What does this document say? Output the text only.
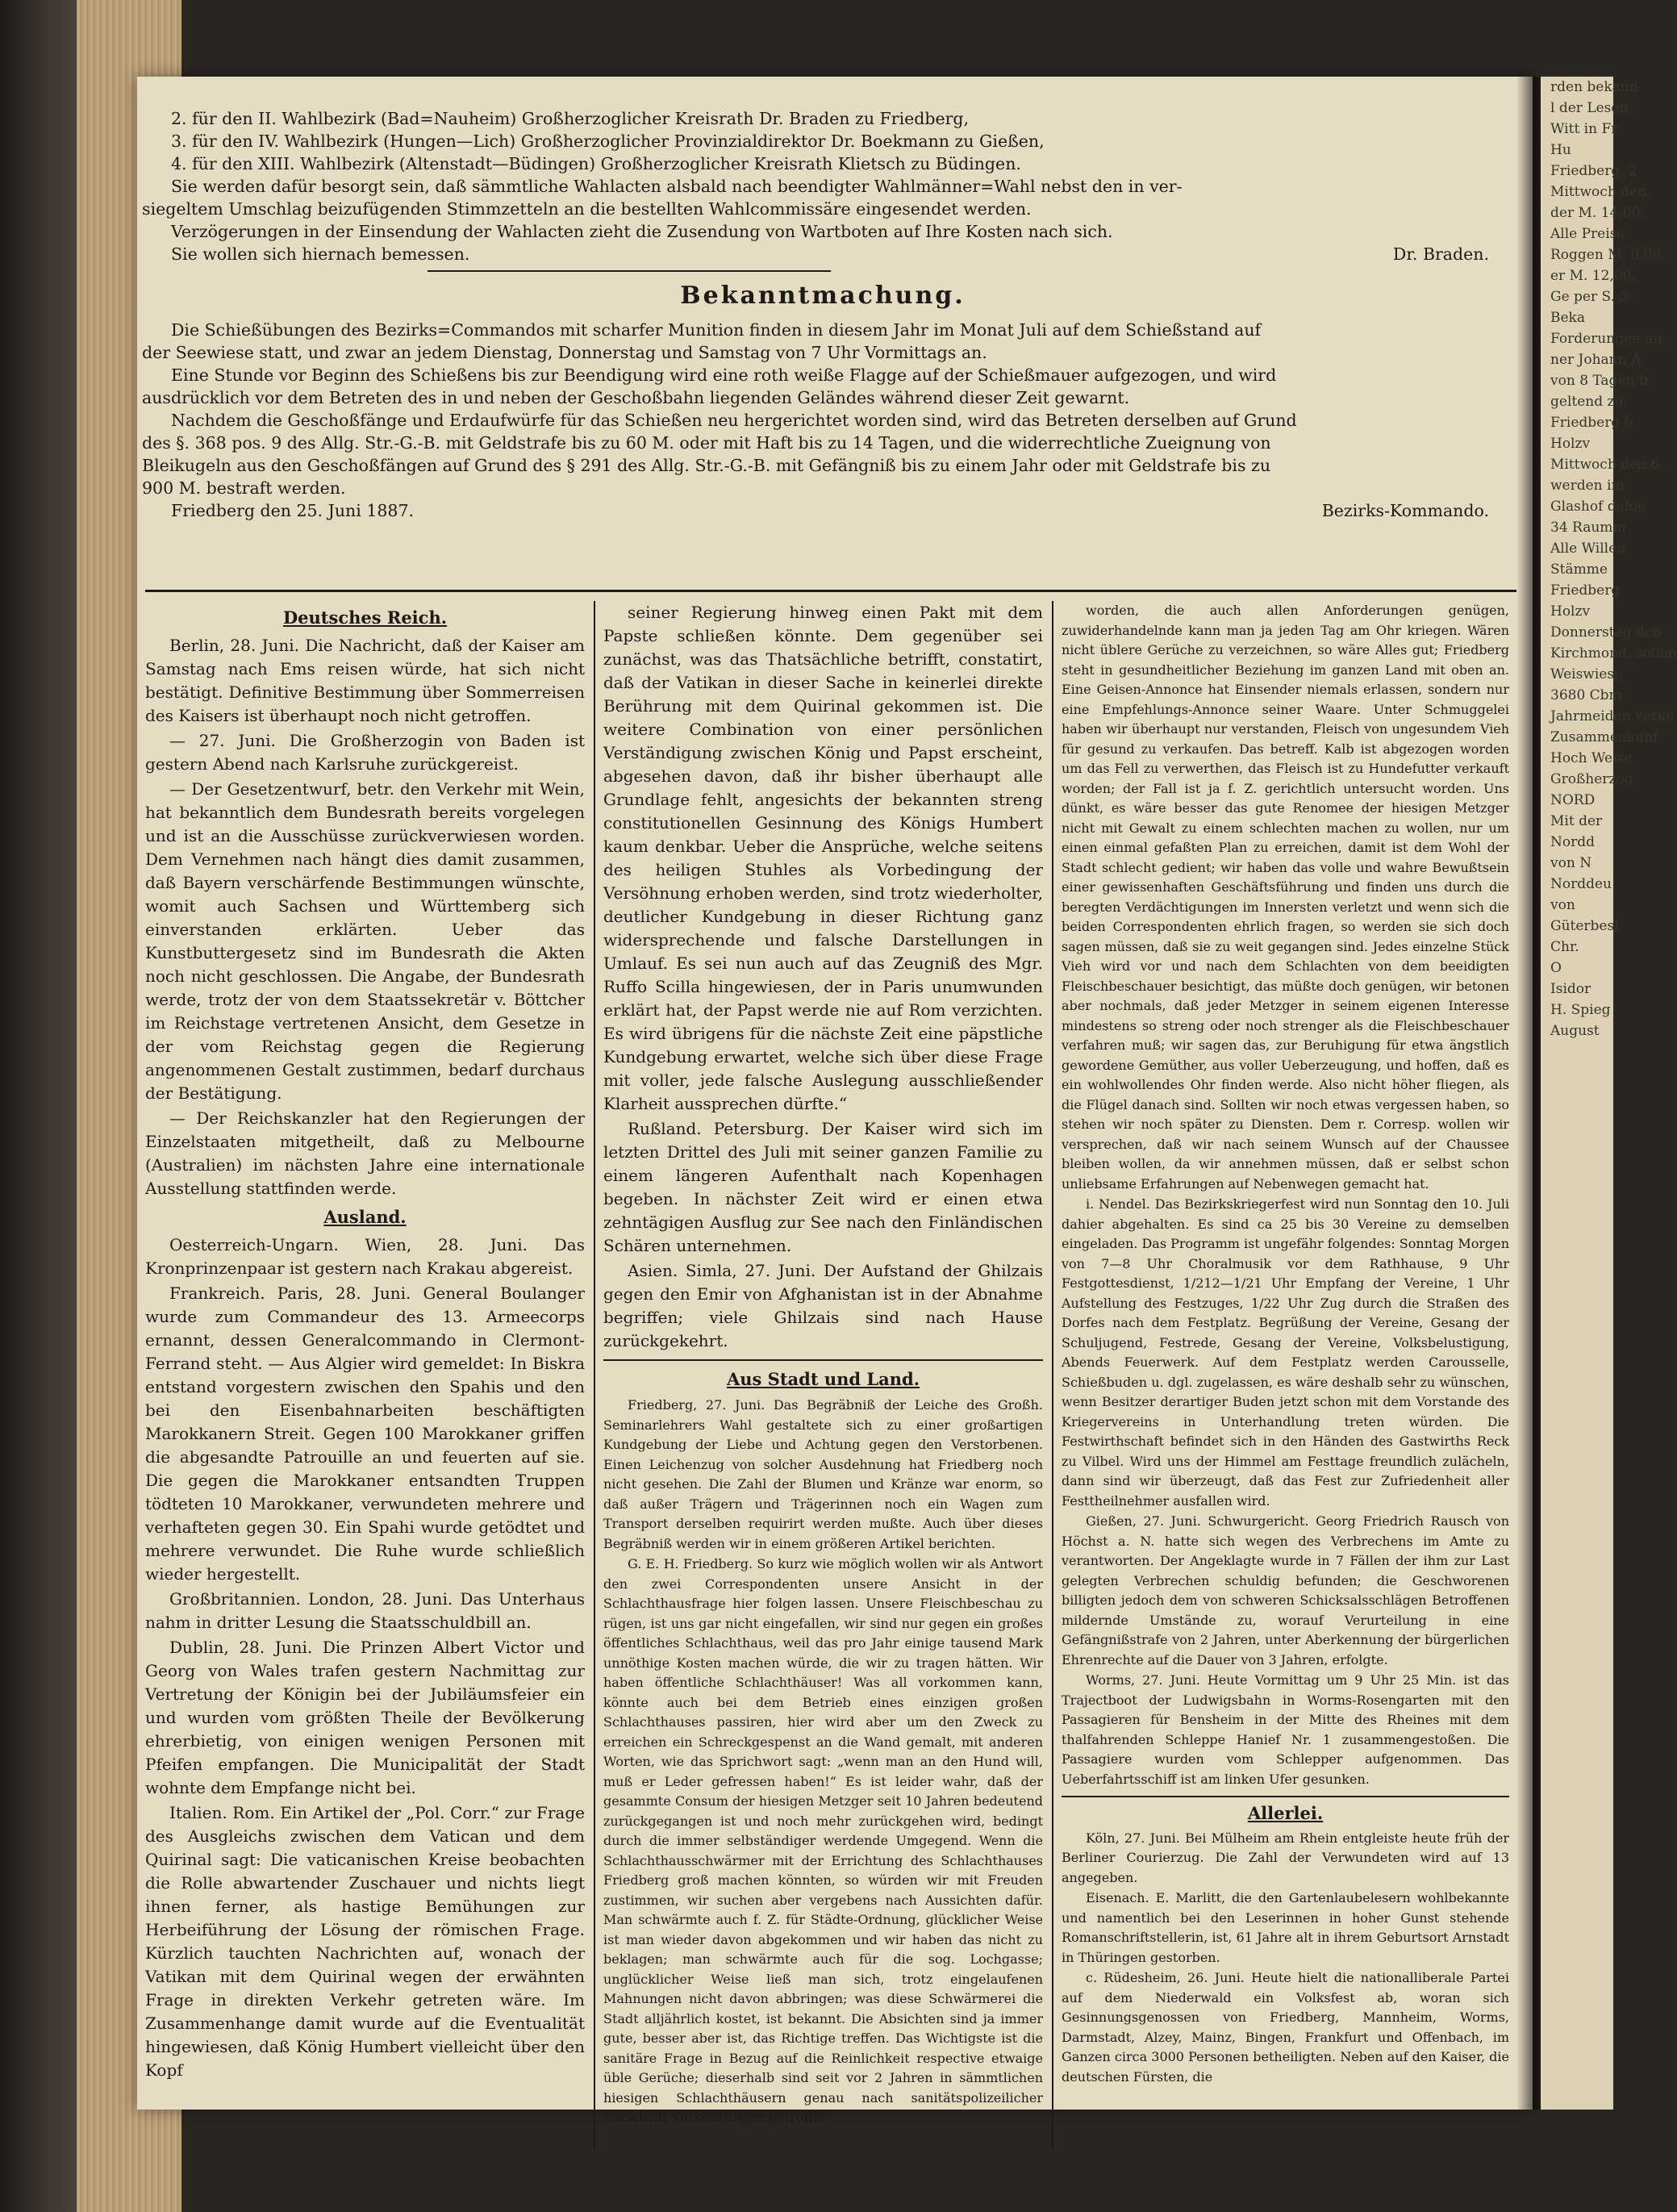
2. für den II. Wahlbezirk (Bad=Nauheim) Großherzoglicher Kreisrath Dr. Braden zu Friedberg,

3. für den IV. Wahlbezirk (Hungen—Lich) Großherzoglicher Provinzialdirektor Dr. Boekmann zu Gießen,

4. für den XIII. Wahlbezirk (Altenstadt—Büdingen) Großherzoglicher Kreisrath Klietsch zu Büdingen.

Sie werden dafür besorgt sein, daß sämmtliche Wahlacten alsbald nach beendigter Wahlmänner=Wahl nebst den in ver-

siegeltem Umschlag beizufügenden Stimmzetteln an die bestellten Wahlcommissäre eingesendet werden.

Verzögerungen in der Einsendung der Wahlacten zieht die Zusendung von Wartboten auf Ihre Kosten nach sich.

Sie wollen sich hiernach bemessen.	Dr. Braden.

Bekanntmachung.

Die Schießübungen des Bezirks=Commandos mit scharfer Munition finden in diesem Jahr im Monat Juli auf dem Schießstand auf

der Seewiese statt, und zwar an jedem Dienstag, Donnerstag und Samstag von 7 Uhr Vormittags an.

Eine Stunde vor Beginn des Schießens bis zur Beendigung wird eine roth weiße Flagge auf der Schießmauer aufgezogen, und wird

ausdrücklich vor dem Betreten des in und neben der Geschoßbahn liegenden Geländes während dieser Zeit gewarnt.

Nachdem die Geschoßfänge und Erdaufwürfe für das Schießen neu hergerichtet worden sind, wird das Betreten derselben auf Grund

des §. 368 pos. 9 des Allg. Str.-G.-B. mit Geldstrafe bis zu 60 M. oder mit Haft bis zu 14 Tagen, und die widerrechtliche Zueignung von

Bleikugeln aus den Geschoßfängen auf Grund des § 291 des Allg. Str.-G.-B. mit Gefängniß bis zu einem Jahr oder mit Geldstrafe bis zu

900 M. bestraft werden.

Friedberg den 25. Juni 1887.	Bezirks-Kommando.
Deutsches Reich.

Berlin, 28. Juni. Die Nachricht, daß der Kaiser am Samstag nach Ems reisen würde, hat sich nicht bestätigt. Definitive Bestimmung über Sommerreisen des Kaisers ist überhaupt noch nicht getroffen.

— 27. Juni. Die Großherzogin von Baden ist gestern Abend nach Karlsruhe zurückgereist.

— Der Gesetzentwurf, betr. den Verkehr mit Wein, hat bekanntlich dem Bundesrath bereits vorgelegen und ist an die Ausschüsse zurückverwiesen worden. Dem Vernehmen nach hängt dies damit zusammen, daß Bayern verschärfende Bestimmungen wünschte, womit auch Sachsen und Württemberg sich einverstanden erklärten. Ueber das Kunstbuttergesetz sind im Bundesrath die Akten noch nicht geschlossen. Die Angabe, der Bundesrath werde, trotz der von dem Staatssekretär v. Böttcher im Reichstage vertretenen Ansicht, dem Gesetze in der vom Reichstag gegen die Regierung angenommenen Gestalt zustimmen, bedarf durchaus der Bestätigung.

— Der Reichskanzler hat den Regierungen der Einzelstaaten mitgetheilt, daß zu Melbourne (Australien) im nächsten Jahre eine internationale Ausstellung stattfinden werde.

Ausland.

Oesterreich-Ungarn. Wien, 28. Juni. Das Kronprinzenpaar ist gestern nach Krakau abgereist.

Frankreich. Paris, 28. Juni. General Boulanger wurde zum Commandeur des 13. Armeecorps ernannt, dessen Generalcommando in Clermont-Ferrand steht. — Aus Algier wird gemeldet: In Biskra entstand vorgestern zwischen den Spahis und den bei den Eisenbahnarbeiten beschäftigten Marokkanern Streit. Gegen 100 Marokkaner griffen die abgesandte Patrouille an und feuerten auf sie. Die gegen die Marokkaner entsandten Truppen tödteten 10 Marokkaner, verwundeten mehrere und verhafteten gegen 30. Ein Spahi wurde getödtet und mehrere verwundet. Die Ruhe wurde schließlich wieder hergestellt.

Großbritannien. London, 28. Juni. Das Unterhaus nahm in dritter Lesung die Staatsschuldbill an.

Dublin, 28. Juni. Die Prinzen Albert Victor und Georg von Wales trafen gestern Nachmittag zur Vertretung der Königin bei der Jubiläumsfeier ein und wurden vom größten Theile der Bevölkerung ehrerbietig, von einigen wenigen Personen mit Pfeifen empfangen. Die Municipalität der Stadt wohnte dem Empfange nicht bei.

Italien. Rom. Ein Artikel der „Pol. Corr.“ zur Frage des Ausgleichs zwischen dem Vatican und dem Quirinal sagt: Die vaticanischen Kreise beobachten die Rolle abwartender Zuschauer und nichts liegt ihnen ferner, als hastige Bemühungen zur Herbeiführung der Lösung der römischen Frage. Kürzlich tauchten Nachrichten auf, wonach der Vatikan mit dem Quirinal wegen der erwähnten Frage in direkten Verkehr getreten wäre. Im Zusammenhange damit wurde auf die Eventualität hingewiesen, daß König Humbert vielleicht über den Kopf

seiner Regierung hinweg einen Pakt mit dem Papste schließen könnte. Dem gegenüber sei zunächst, was das Thatsächliche betrifft, constatirt, daß der Vatikan in dieser Sache in keinerlei direkte Berührung mit dem Quirinal gekommen ist. Die weitere Combination von einer persönlichen Verständigung zwischen König und Papst erscheint, abgesehen davon, daß ihr bisher überhaupt alle Grundlage fehlt, angesichts der bekannten streng constitutionellen Gesinnung des Königs Humbert kaum denkbar. Ueber die Ansprüche, welche seitens des heiligen Stuhles als Vorbedingung der Versöhnung erhoben werden, sind trotz wiederholter, deutlicher Kundgebung in dieser Richtung ganz widersprechende und falsche Darstellungen in Umlauf. Es sei nun auch auf das Zeugniß des Mgr. Ruffo Scilla hingewiesen, der in Paris unumwunden erklärt hat, der Papst werde nie auf Rom verzichten. Es wird übrigens für die nächste Zeit eine päpstliche Kundgebung erwartet, welche sich über diese Frage mit voller, jede falsche Auslegung ausschließender Klarheit aussprechen dürfte.“

Rußland. Petersburg. Der Kaiser wird sich im letzten Drittel des Juli mit seiner ganzen Familie zu einem längeren Aufenthalt nach Kopenhagen begeben. In nächster Zeit wird er einen etwa zehntägigen Ausflug zur See nach den Finländischen Schären unternehmen.

Asien. Simla, 27. Juni. Der Aufstand der Ghilzais gegen den Emir von Afghanistan ist in der Abnahme begriffen; viele Ghilzais sind nach Hause zurückgekehrt.

Aus Stadt und Land.

Friedberg, 27. Juni. Das Begräbniß der Leiche des Großh. Seminarlehrers Wahl gestaltete sich zu einer großartigen Kundgebung der Liebe und Achtung gegen den Verstorbenen. Einen Leichenzug von solcher Ausdehnung hat Friedberg noch nicht gesehen. Die Zahl der Blumen und Kränze war enorm, so daß außer Trägern und Trägerinnen noch ein Wagen zum Transport derselben requirirt werden mußte. Auch über dieses Begräbniß werden wir in einem größeren Artikel berichten.

G. E. H. Friedberg. So kurz wie möglich wollen wir als Antwort den zwei Correspondenten unsere Ansicht in der Schlachthausfrage hier folgen lassen. Unsere Fleischbeschau zu rügen, ist uns gar nicht eingefallen, wir sind nur gegen ein großes öffentliches Schlachthaus, weil das pro Jahr einige tausend Mark unnöthige Kosten machen würde, die wir zu tragen hätten. Wir haben öffentliche Schlachthäuser! Was all vorkommen kann, könnte auch bei dem Betrieb eines einzigen großen Schlachthauses passiren, hier wird aber um den Zweck zu erreichen ein Schreckgespenst an die Wand gemalt, mit anderen Worten, wie das Sprichwort sagt: „wenn man an den Hund will, muß er Leder gefressen haben!“ Es ist leider wahr, daß der gesammte Consum der hiesigen Metzger seit 10 Jahren bedeutend zurückgegangen ist und noch mehr zurückgehen wird, bedingt durch die immer selbständiger werdende Umgegend. Wenn die Schlachthausschwärmer mit der Errichtung des Schlachthauses Friedberg groß machen könnten, so würden wir mit Freuden zustimmen, wir suchen aber vergebens nach Aussichten dafür. Man schwärmte auch f. Z. für Städte-Ordnung, glücklicher Weise ist man wieder davon abgekommen und wir haben das nicht zu beklagen; man schwärmte auch für die sog. Lochgasse; unglücklicher Weise ließ man sich, trotz eingelaufenen Mahnungen nicht davon abbringen; was diese Schwärmerei die Stadt alljährlich kostet, ist bekannt. Die Absichten sind ja immer gute, besser aber ist, das Richtige treffen. Das Wichtigste ist die sanitäre Frage in Bezug auf die Reinlichkeit respective etwaige üble Gerüche; dieserhalb sind seit vor 2 Jahren in sämmtlichen hiesigen Schlachthäusern genau nach sanitätspolizeilicher Vorschrift Vorkehrungen getroffen

worden, die auch allen Anforderungen genügen, zuwiderhandelnde kann man ja jeden Tag am Ohr kriegen. Wären nicht üblere Gerüche zu verzeichnen, so wäre Alles gut; Friedberg steht in gesundheitlicher Beziehung im ganzen Land mit oben an. Eine Geisen-Annonce hat Einsender niemals erlassen, sondern nur eine Empfehlungs-Annonce seiner Waare. Unter Schmuggelei haben wir überhaupt nur verstanden, Fleisch von ungesundem Vieh für gesund zu verkaufen. Das betreff. Kalb ist abgezogen worden um das Fell zu verwerthen, das Fleisch ist zu Hundefutter verkauft worden; der Fall ist ja f. Z. gerichtlich untersucht worden. Uns dünkt, es wäre besser das gute Renomee der hiesigen Metzger nicht mit Gewalt zu einem schlechten machen zu wollen, nur um einen einmal gefaßten Plan zu erreichen, damit ist dem Wohl der Stadt schlecht gedient; wir haben das volle und wahre Bewußtsein einer gewissenhaften Geschäftsführung und finden uns durch die beregten Verdächtigungen im Innersten verletzt und wenn sich die beiden Correspondenten ehrlich fragen, so werden sie sich doch sagen müssen, daß sie zu weit gegangen sind. Jedes einzelne Stück Vieh wird vor und nach dem Schlachten von dem beeidigten Fleischbeschauer besichtigt, das müßte doch genügen, wir betonen aber nochmals, daß jeder Metzger in seinem eigenen Interesse mindestens so streng oder noch strenger als die Fleischbeschauer verfahren muß; wir sagen das, zur Beruhigung für etwa ängstlich gewordene Gemüther, aus voller Ueberzeugung, und hoffen, daß es ein wohlwollendes Ohr finden werde. Also nicht höher fliegen, als die Flügel danach sind. Sollten wir noch etwas vergessen haben, so stehen wir noch später zu Diensten. Dem r. Corresp. wollen wir versprechen, daß wir nach seinem Wunsch auf der Chaussee bleiben wollen, da wir annehmen müssen, daß er selbst schon unliebsame Erfahrungen auf Nebenwegen gemacht hat.

i. Nendel. Das Bezirkskriegerfest wird nun Sonntag den 10. Juli dahier abgehalten. Es sind ca 25 bis 30 Vereine zu demselben eingeladen. Das Programm ist ungefähr folgendes: Sonntag Morgen von 7—8 Uhr Choralmusik vor dem Rathhause, 9 Uhr Festgottesdienst, 1/212—1/21 Uhr Empfang der Vereine, 1 Uhr Aufstellung des Festzuges, 1/22 Uhr Zug durch die Straßen des Dorfes nach dem Festplatz. Begrüßung der Vereine, Gesang der Schuljugend, Festrede, Gesang der Vereine, Volksbelustigung, Abends Feuerwerk. Auf dem Festplatz werden Carousselle, Schießbuden u. dgl. zugelassen, es wäre deshalb sehr zu wünschen, wenn Besitzer derartiger Buden jetzt schon mit dem Vorstande des Kriegervereins in Unterhandlung treten würden. Die Festwirthschaft befindet sich in den Händen des Gastwirths Reck zu Vilbel. Wird uns der Himmel am Festtage freundlich zulächeln, dann sind wir überzeugt, daß das Fest zur Zufriedenheit aller Festtheilnehmer ausfallen wird.

Gießen, 27. Juni. Schwurgericht. Georg Friedrich Rausch von Höchst a. N. hatte sich wegen des Verbrechens im Amte zu verantworten. Der Angeklagte wurde in 7 Fällen der ihm zur Last gelegten Verbrechen schuldig befunden; die Geschworenen billigten jedoch dem von schweren Schicksalsschlägen Betroffenen mildernde Umstände zu, worauf Verurteilung in eine Gefängnißstrafe von 2 Jahren, unter Aberkennung der bürgerlichen Ehrenrechte auf die Dauer von 3 Jahren, erfolgte.

Worms, 27. Juni. Heute Vormittag um 9 Uhr 25 Min. ist das Trajectboot der Ludwigsbahn in Worms-Rosengarten mit den Passagieren für Bensheim in der Mitte des Rheines mit dem thalfahrenden Schleppe Hanief Nr. 1 zusammengestoßen. Die Passagiere wurden vom Schlepper aufgenommen. Das Ueberfahrtsschiff ist am linken Ufer gesunken.

Allerlei.

Köln, 27. Juni. Bei Mülheim am Rhein entgleiste heute früh der Berliner Courierzug. Die Zahl der Verwundeten wird auf 13 angegeben.

Eisenach. E. Marlitt, die den Gartenlaubelesern wohlbekannte und namentlich bei den Leserinnen in hoher Gunst stehende Romanschriftstellerin, ist, 61 Jahre alt in ihrem Geburtsort Arnstadt in Thüringen gestorben.

c. Rüdesheim, 26. Juni. Heute hielt die nationalliberale Partei auf dem Niederwald ein Volksfest ab, woran sich Gesinnungsgenossen von Friedberg, Mannheim, Worms, Darmstadt, Alzey, Mainz, Bingen, Frankfurt und Offenbach, im Ganzen circa 3000 Personen betheiligten. Neben auf den Kaiser, die deutschen Fürsten, die

rden bekann
l der Lesen
Witt in Fr
Hu
Friedberg, 2
Mittwoch den
der M. 14,00,
Alle Preise
Roggen M. 0,00,
er M. 12,00,
Ge per S. 5
Beka
Forderungen an
ner Johann A
von 8 Tagen b
geltend zu
Friedberg b
Holzv
Mittwoch den 6
werden im
Glashof dahie
34 Raumm
Alle Willen
Stämme
Friedberg
Holzv
Donnerstag den
Kirchmond, sollen
Weiswiese
3680 Cbm
Jahrmeiden verke
Zusammenkunf
Hoch Weise
Großherzog
NORD
Mit der
Nordd
von N
Norddeu
von
Güterbest
Chr.
O
Isidor
H. Spieg
August
